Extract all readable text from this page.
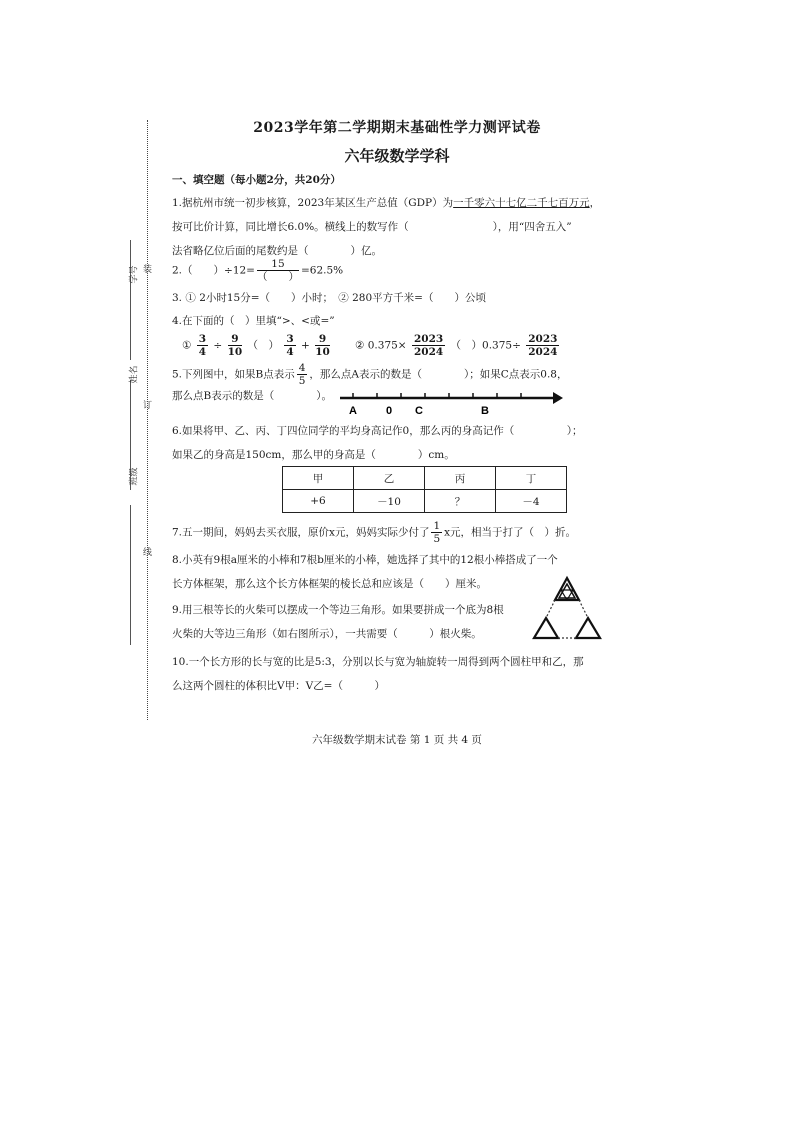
学号
姓名
班级
装
订
线
2023学年第二学期期末基础性学力测评试卷
六年级数学学科
一、填空题（每小题2分，共20分）
1.据杭州市统一初步核算，2023年某区生产总值（GDP）为一千零六十七亿二千七百万元，
按可比价计算，同比增长6.0%。横线上的数写作（　　　　　　　　），用“四舍五入”
法省略亿位后面的尾数约是（　　　　）亿。
2.（　　）$\div 12= \frac{15}{( )} =62.5\%$
3. ① 2小时15分=（　　）小时；　② 280平方千米=（　　）公顷
4.在下面的（　）里填“>、<或=”
① $\frac{3}{4} \div \frac{9}{10}$ （　） $\frac{3}{4} + \frac{9}{10}$ ② $0.375\times \frac{2023}{2024}$ （　）$0.375\div \frac{2023}{2024}$
5.下列图中，如果B点表示 $\frac{4}{5}$ ，那么点A表示的数是（　　　　）；如果C点表示0.8，
那么点B表示的数是（　　　　）。
A	0 C	B
6.如果将甲、乙、丙、丁四位同学的平均身高记作0，那么丙的身高记作（　　　　　）；
如果乙的身高是150cm，那么甲的身高是（　　　　）cm。
甲	乙	丙	丁
+6	－10	？	－4
7.五一期间，妈妈去买衣服，原价x元，妈妈实际少付了 $\frac{1}{5}$ x元，相当于打了（　）折。
8.小英有9根a厘米的小棒和7根b厘米的小棒，她选择了其中的12根小棒搭成了一个
长方体框架，那么这个长方体框架的棱长总和应该是（　　）厘米。
9.用三根等长的火柴可以摆成一个等边三角形。如果要拼成一个底为8根
火柴的大等边三角形（如右图所示），一共需要（　　　）根火柴。
10.一个长方形的长与宽的比是5:3，分别以长与宽为轴旋转一周得到两个圆柱甲和乙，那
么这两个圆柱的体积比V甲：V乙=（　　　）
六年级数学期末试卷 第 1 页 共 4 页
